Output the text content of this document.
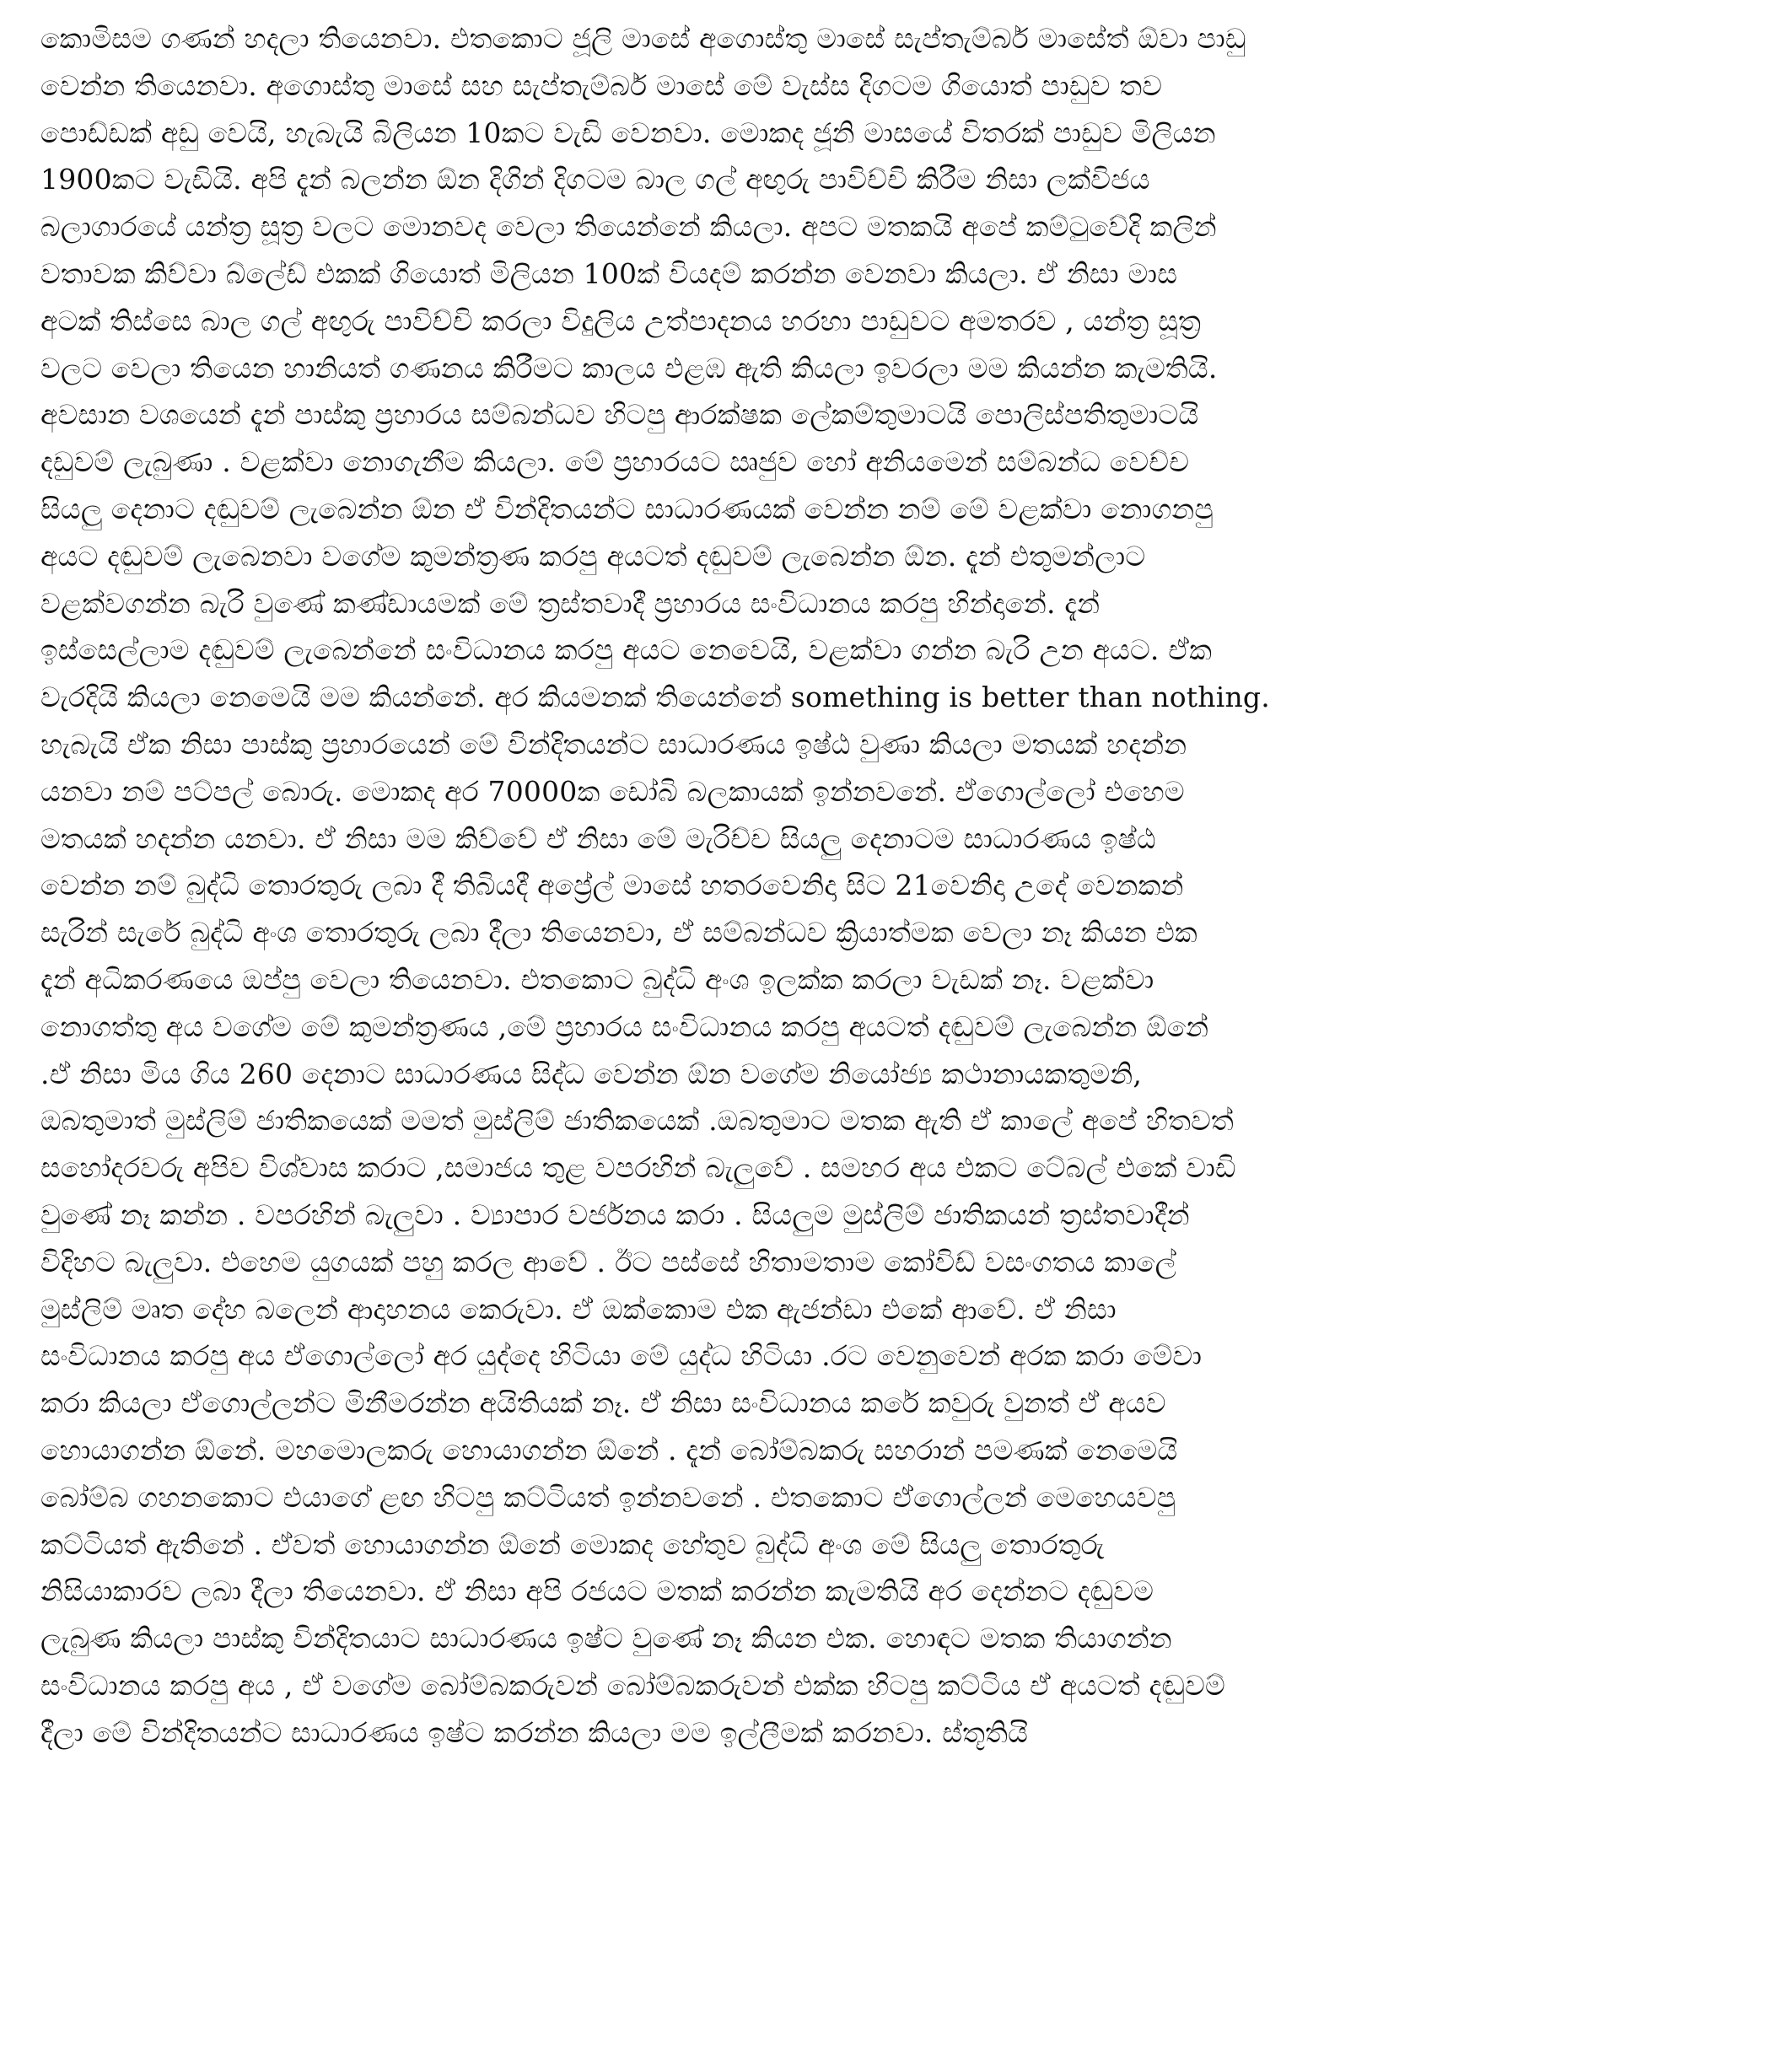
කොමිසම ගණන් හදලා තියෙනවා. එතකොට ජූලි මාසේ අගොස්තු මාසේ සැප්තැම්බර් මාසේත් ඕවා පාඩු
වෙන්න තියෙනවා. අගොස්තු මාසේ සහ සැප්තැම්බර් මාසේ මේ වැස්ස දිගටම ගියොත් පාඩුව තව
පොඩ්ඩක් අඩු වෙයි, හැබැයි බිලියන 10කට වැඩි වෙනවා. මොකද ජූනි මාසයේ විතරක් පාඩුව මිලියන
1900කට වැඩියි. අපි දැන් බලන්න ඕන දිගින් දිගටම බාල ගල් අඟුරු පාවිච්චි කිරීම නිසා ලක්විජය
බලාගාරයේ යන්ත්‍ර සූත්‍ර වලට මොනවද වෙලා තියෙන්නේ කියලා. අපට මතකයි අපේ කම්ටුවේදි කලින්
වතාවක කිව්වා බ්ලේඩ් එකක් ගියොත් මිලියන 100ක් වියදම් කරන්න වෙනවා කියලා. ඒ නිසා මාස
අටක් තිස්සෙ බාල ගල් අඟුරු පාවිච්චි කරලා විදුලිය උත්පාදනය හරහා පාඩුවට අමතරව , යන්ත්‍ර සූත්‍ර
වලට වෙලා තියෙන හානියත් ගණනය කිරීමට කාලය එළඹ ඇති කියලා ඉවරලා මම කියන්න කැමතියි.
අවසාන වශයෙන් දැන් පාස්කු ප්‍රහාරය සම්බන්ධව හිටපු ආරක්ෂක ලේකම්තුමාටයි පොලිස්පතිතුමාටයි
දඩුවම් ලැබුණා . වළක්වා නොගැනීම කියලා. මේ ප්‍රහාරයට ඍජුව හෝ අනියමෙන් සම්බන්ධ වෙච්ච
සියලු දෙනාට දඬුවම් ලැබෙන්න ඕන ඒ වින්දිතයන්ට සාධාරණයක් වෙන්න නම් මේ වළක්වා නොගනපු
අයට දඬුවම් ලැබෙනවා වගේම කුමන්ත්‍රණ කරපු අයටත් දඬුවම් ලැබෙන්න ඕන. දැන් එතුමන්ලාට
වළක්වගන්න බැරි වුණේ කණ්ඩායමක් මේ ත්‍රස්තවාදී ප්‍රහාරය සංවිධානය කරපු හින්දානේ. දැන්
ඉස්සෙල්ලාම දඬුවම් ලැබෙන්නේ සංවිධානය කරපු අයට නෙවෙයි, වළක්වා ගන්න බැරි උන අයට. ඒක
වැරදියි කියලා නෙමෙයි මම කියන්නේ. අර කියමනක් තියෙන්නේ something is better than nothing.
හැබැයි ඒක නිසා පාස්කු ප්‍රහාරයෙන් මේ වින්දිතයන්ට සාධාරණය ඉෂ්ඨ වුණා කියලා මතයක් හදන්න
යනවා නම් පට්පල් බොරු. මොකද අර 70000ක ඩෝබි බලකායක් ඉන්නවනේ. ඒගොල්ලෝ එහෙම
මතයක් හදන්න යනවා. ඒ නිසා මම කිව්වේ ඒ නිසා මේ මැරිච්ච සියලු දෙනාටම සාධාරණය ඉෂ්ඨ
වෙන්න නම් බුද්ධි තොරතුරු ලබා දී තිබියදී අප්‍රේල් මාසේ හතරවෙනිදා සිට 21වෙනිදා උදේ වෙනකන්
සැරින් සැරේ බුද්ධි අංශ තොරතුරු ලබා දීලා තියෙනවා, ඒ සම්බන්ධව ක්‍රියාත්මක වෙලා නෑ කියන එක
දැන් අධිකරණයෙ ඔප්පු වෙලා තියෙනවා. එතකොට බුද්ධි අංශ ඉලක්ක කරලා වැඩක් නෑ. වළක්වා
නොගත්තු අය වගේම මේ කුමන්ත්‍රණය ,මේ ප්‍රහාරය සංවිධානය කරපු අයටත් දඬුවම් ලැබෙන්න ඕනේ
.ඒ නිසා මිය ගිය 260 දෙනාට සාධාරණය සිද්ධ වෙන්න ඕන වගේම නියෝජ්‍ය කථානායකතුමනි,
ඔබතුමාත් මුස්ලිම් ජාතිකයෙක් මමත් මුස්ලිම් ජාතිකයෙක් .ඔබතුමාට මතක ඇති ඒ කාලේ අපේ හිතවත්
සහෝදරවරු අපිව විශ්වාස කරාට ,සමාජය තුළ වපරහින් බැලුවේ . සමහර අය එකට ටේබල් එකේ වාඩි
වුණේ නෑ කන්න . වපරහින් බැලුවා . ව්‍යාපාර වර්ජනය කරා . සියලුම මුස්ලිම් ජාතිකයන් ත්‍රස්තවාදීන්
විදිහට බැලුවා. එහෙම යුගයක් පහු කරල ආවේ . ඊට පස්සේ හිතාමතාම කෝවිඩ් වසංගතය කාලේ
මුස්ලිම් මෘත දේහ බලෙන් ආදාහනය කෙරුවා. ඒ ඔක්කොම එක ඇජන්ඩා එකේ ආවේ. ඒ නිසා
සංවිධානය කරපු අය ඒගොල්ලෝ අර යුද්දෙ හිටියා මේ යුද්ධ හිටියා .රට වෙනුවෙන් අරක කරා මේවා
කරා කියලා ඒගොල්ලන්ට මිනීමරන්න අයිතියක් නෑ. ඒ නිසා සංවිධානය කරේ කවුරු වුනත් ඒ අයව
හොයාගන්න ඕනේ. මහමොලකරු හොයාගන්න ඕනේ . දැන් බෝම්බකරු සහරාන් පමණක් නෙමෙයි
බෝම්බ ගහනකොට එයාගේ ළඟ හිටපු කට්ටියත් ඉන්නවනේ . එතකොට ඒගොල්ලන් මෙහෙයවපු
කට්ටියත් ඇතිනේ . ඒවත් හොයාගන්න ඕනේ මොකද හේතුව බුද්ධි අංශ මේ සියලු තොරතුරු
නිසියාකාරව ලබා දීලා තියෙනවා. ඒ නිසා අපි රජයට මතක් කරන්න කැමතියි අර දෙන්නට දඬුවම
ලැබුණ කියලා පාස්කු වින්දිතයාට සාධාරණය ඉෂ්ට වුණේ නෑ කියන එක. හොඳට මතක තියාගන්න
සංවිධානය කරපු අය , ඒ වගේම බෝම්බකරුවන් බෝම්බකරුවන් එක්ක හිටපු කට්ටිය ඒ අයටත් දඬුවම්
දීලා මේ වින්දිතයන්ට සාධාරණය ඉෂ්ට කරන්න කියලා මම ඉල්ලීමක් කරනවා. ස්තූතියි
